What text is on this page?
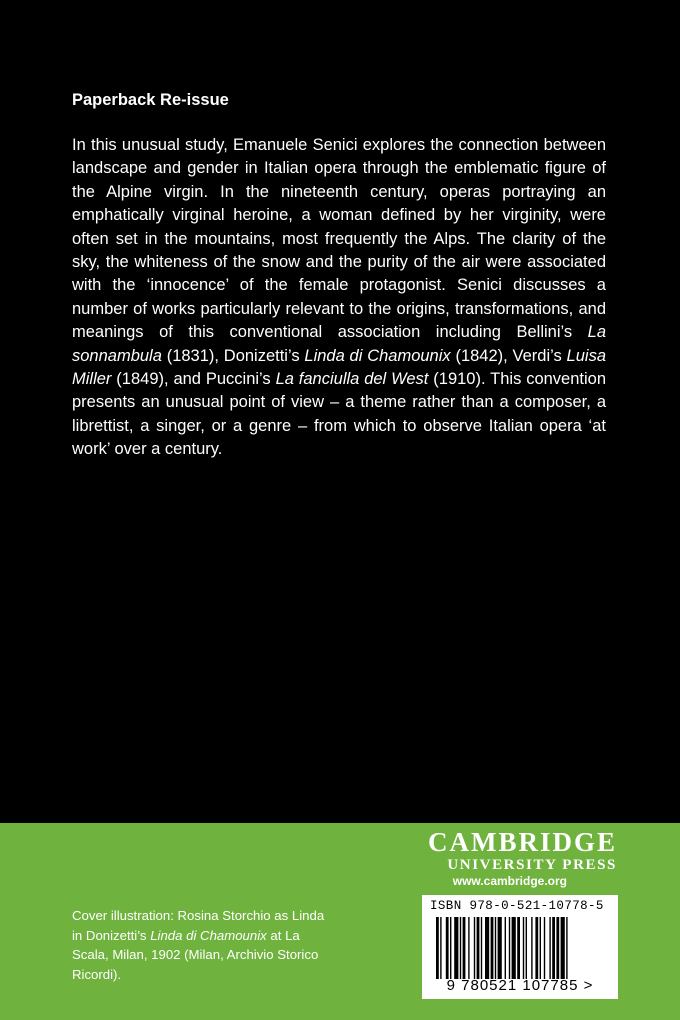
Paperback Re-issue
In this unusual study, Emanuele Senici explores the connection between landscape and gender in Italian opera through the emblematic figure of the Alpine virgin. In the nineteenth century, operas portraying an emphatically virginal heroine, a woman defined by her virginity, were often set in the mountains, most frequently the Alps. The clarity of the sky, the whiteness of the snow and the purity of the air were associated with the ‘innocence’ of the female protagonist. Senici discusses a number of works particularly relevant to the origins, transformations, and meanings of this conventional association including Bellini’s La sonnambula (1831), Donizetti’s Linda di Chamounix (1842), Verdi’s Luisa Miller (1849), and Puccini’s La fanciulla del West (1910). This convention presents an unusual point of view – a theme rather than a composer, a librettist, a singer, or a genre – from which to observe Italian opera ‘at work’ over a century.
CAMBRIDGE
UNIVERSITY PRESS
www.cambridge.org
Cover illustration: Rosina Storchio as Linda in Donizetti’s Linda di Chamounix at La Scala, Milan, 1902 (Milan, Archivio Storico Ricordi).
ISBN 978-0-521-10778-5
9 780521 107785 >
